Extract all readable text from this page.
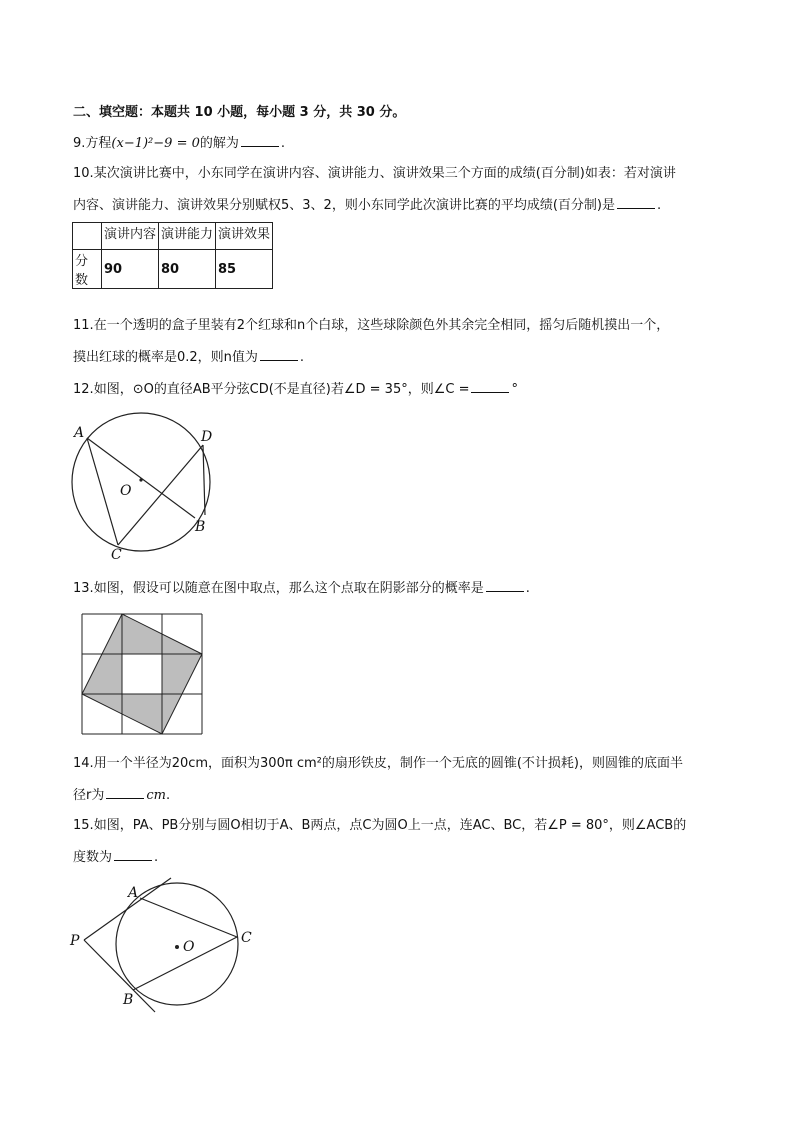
二、填空题：本题共 10 小题，每小题 3 分，共 30 分。
9.方程(x−1)²−9 = 0的解为	.
10.某次演讲比赛中，小东同学在演讲内容、演讲能力、演讲效果三个方面的成绩(百分制)如表：若对演讲
内容、演讲能力、演讲效果分别赋权5、3、2，则小东同学此次演讲比赛的平均成绩(百分制)是	.
	演讲内容	演讲能力	演讲效果
分数	90	80	85
11.在一个透明的盒子里装有2个红球和n个白球，这些球除颜色外其余完全相同，摇匀后随机摸出一个，
摸出红球的概率是0.2，则n值为	.
12.如图，⊙O的直径AB平分弦CD(不是直径)若∠D = 35°，则∠C =	°
A	D
O
B
C
13.如图，假设可以随意在图中取点，那么这个点取在阴影部分的概率是	.
14.用一个半径为20cm，面积为300π cm²的扇形铁皮，制作一个无底的圆锥(不计损耗)，则圆锥的底面半
径r为	cm.
15.如图，PA、PB分别与圆O相切于A、B两点，点C为圆O上一点，连AC、BC，若∠P = 80°，则∠ACB的
度数为	.
A
P	O
C
B
